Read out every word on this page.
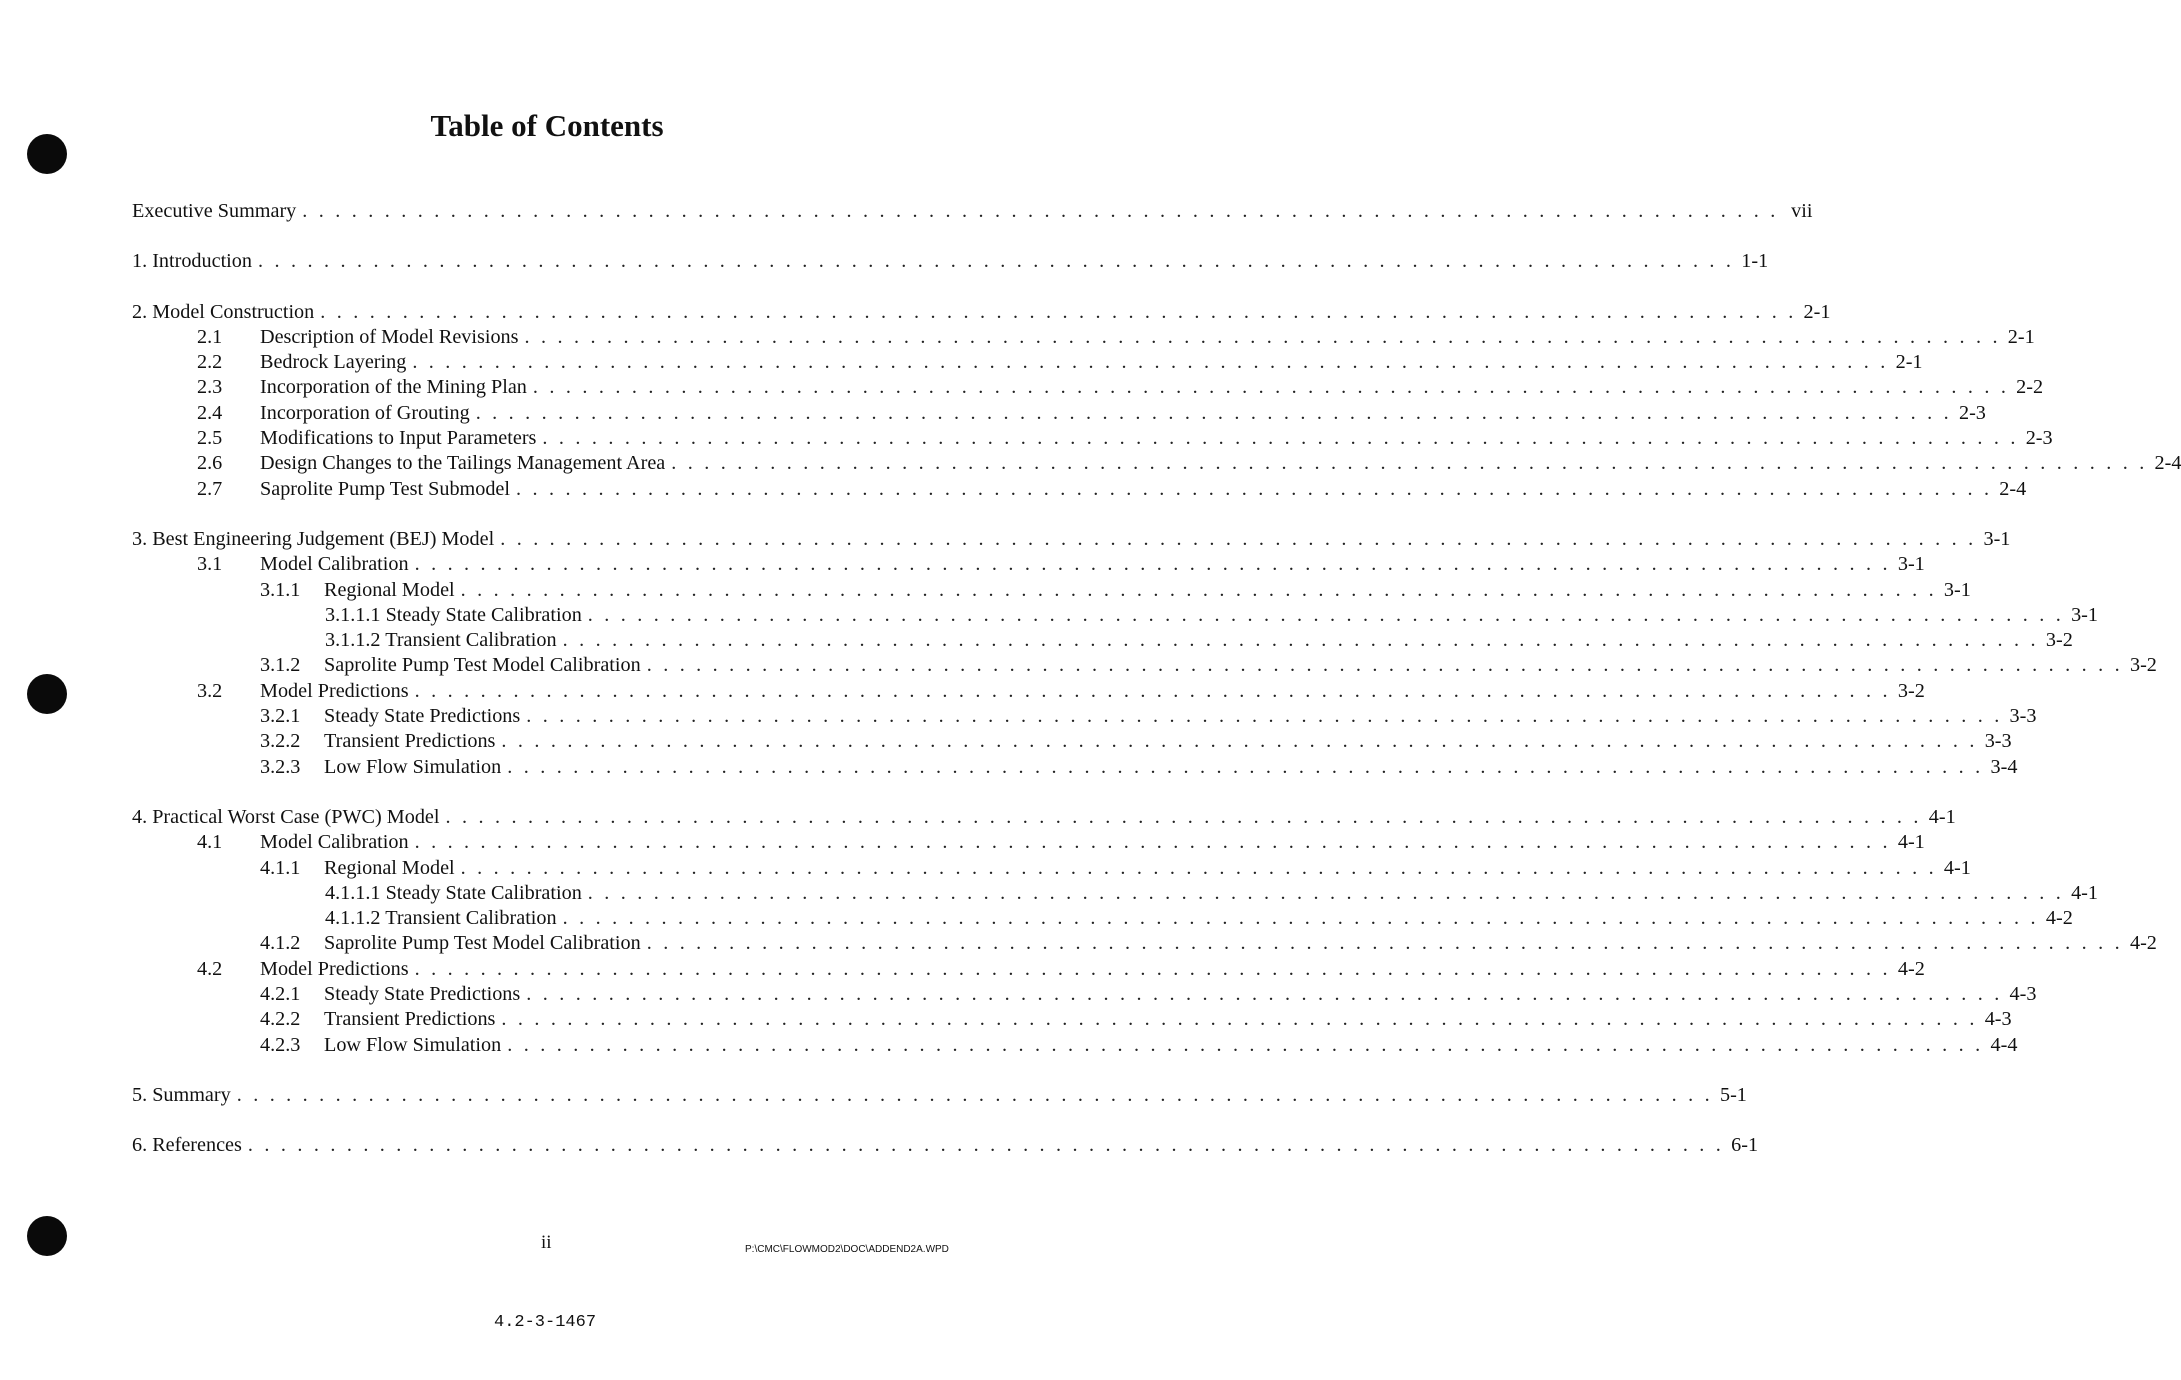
Table of Contents
Executive Summary . . . . . . . . . . . . . . . . . . . . . . . . . . . . . . . . . . . . . . . . . . . . . . . . . . . . . . . . . . . . . . . . . . . . . . . . . . . . . . . . . . . . . . . . . . vii
1. Introduction . . . . . . . . . . . . . . . . . . . . . . . . . . . . . . . . . . . . . . . . . . . . . . . . . . . . . . . . . . . . . . . . . . . . . . . . . . . . . . . . . . . . . . . . . . 1-1
2. Model Construction . . . . . . . . . . . . . . . . . . . . . . . . . . . . . . . . . . . . . . . . . . . . . . . . . . . . . . . . . . . . . . . . . . . . . . . . . . . . . . . . . . . . . . . . . . 2-1
2.1	Description of Model Revisions . . . . . . . . . . . . . . . . . . . . . . . . . . . . . . . . . . . . . . . . . . . . . . . . . . . . . . . . . . . . . . . . . . . . . . . . . . . . . . . . . . . . . . . . . . 2-1
2.2	Bedrock Layering . . . . . . . . . . . . . . . . . . . . . . . . . . . . . . . . . . . . . . . . . . . . . . . . . . . . . . . . . . . . . . . . . . . . . . . . . . . . . . . . . . . . . . . . . . 2-1
2.3	Incorporation of the Mining Plan . . . . . . . . . . . . . . . . . . . . . . . . . . . . . . . . . . . . . . . . . . . . . . . . . . . . . . . . . . . . . . . . . . . . . . . . . . . . . . . . . . . . . . . . . . 2-2
2.4	Incorporation of Grouting . . . . . . . . . . . . . . . . . . . . . . . . . . . . . . . . . . . . . . . . . . . . . . . . . . . . . . . . . . . . . . . . . . . . . . . . . . . . . . . . . . . . . . . . . . 2-3
2.5	Modifications to Input Parameters . . . . . . . . . . . . . . . . . . . . . . . . . . . . . . . . . . . . . . . . . . . . . . . . . . . . . . . . . . . . . . . . . . . . . . . . . . . . . . . . . . . . . . . . . . 2-3
2.6	Design Changes to the Tailings Management Area . . . . . . . . . . . . . . . . . . . . . . . . . . . . . . . . . . . . . . . . . . . . . . . . . . . . . . . . . . . . . . . . . . . . . . . . . . . . . . . . . . . . . . . . . . 2-4
2.7	Saprolite Pump Test Submodel . . . . . . . . . . . . . . . . . . . . . . . . . . . . . . . . . . . . . . . . . . . . . . . . . . . . . . . . . . . . . . . . . . . . . . . . . . . . . . . . . . . . . . . . . . 2-4
3. Best Engineering Judgement (BEJ) Model . . . . . . . . . . . . . . . . . . . . . . . . . . . . . . . . . . . . . . . . . . . . . . . . . . . . . . . . . . . . . . . . . . . . . . . . . . . . . . . . . . . . . . . . . . 3-1
3.1	Model Calibration . . . . . . . . . . . . . . . . . . . . . . . . . . . . . . . . . . . . . . . . . . . . . . . . . . . . . . . . . . . . . . . . . . . . . . . . . . . . . . . . . . . . . . . . . . 3-1
3.1.1	Regional Model . . . . . . . . . . . . . . . . . . . . . . . . . . . . . . . . . . . . . . . . . . . . . . . . . . . . . . . . . . . . . . . . . . . . . . . . . . . . . . . . . . . . . . . . . . 3-1
3.1.1.1 Steady State Calibration . . . . . . . . . . . . . . . . . . . . . . . . . . . . . . . . . . . . . . . . . . . . . . . . . . . . . . . . . . . . . . . . . . . . . . . . . . . . . . . . . . . . . . . . . . 3-1
3.1.1.2 Transient Calibration . . . . . . . . . . . . . . . . . . . . . . . . . . . . . . . . . . . . . . . . . . . . . . . . . . . . . . . . . . . . . . . . . . . . . . . . . . . . . . . . . . . . . . . . . . 3-2
3.1.2	Saprolite Pump Test Model Calibration . . . . . . . . . . . . . . . . . . . . . . . . . . . . . . . . . . . . . . . . . . . . . . . . . . . . . . . . . . . . . . . . . . . . . . . . . . . . . . . . . . . . . . . . . . 3-2
3.2	Model Predictions . . . . . . . . . . . . . . . . . . . . . . . . . . . . . . . . . . . . . . . . . . . . . . . . . . . . . . . . . . . . . . . . . . . . . . . . . . . . . . . . . . . . . . . . . . 3-2
3.2.1	Steady State Predictions . . . . . . . . . . . . . . . . . . . . . . . . . . . . . . . . . . . . . . . . . . . . . . . . . . . . . . . . . . . . . . . . . . . . . . . . . . . . . . . . . . . . . . . . . . 3-3
3.2.2	Transient Predictions . . . . . . . . . . . . . . . . . . . . . . . . . . . . . . . . . . . . . . . . . . . . . . . . . . . . . . . . . . . . . . . . . . . . . . . . . . . . . . . . . . . . . . . . . . 3-3
3.2.3	Low Flow Simulation . . . . . . . . . . . . . . . . . . . . . . . . . . . . . . . . . . . . . . . . . . . . . . . . . . . . . . . . . . . . . . . . . . . . . . . . . . . . . . . . . . . . . . . . . . 3-4
4. Practical Worst Case (PWC) Model . . . . . . . . . . . . . . . . . . . . . . . . . . . . . . . . . . . . . . . . . . . . . . . . . . . . . . . . . . . . . . . . . . . . . . . . . . . . . . . . . . . . . . . . . . 4-1
4.1	Model Calibration . . . . . . . . . . . . . . . . . . . . . . . . . . . . . . . . . . . . . . . . . . . . . . . . . . . . . . . . . . . . . . . . . . . . . . . . . . . . . . . . . . . . . . . . . . 4-1
4.1.1	Regional Model . . . . . . . . . . . . . . . . . . . . . . . . . . . . . . . . . . . . . . . . . . . . . . . . . . . . . . . . . . . . . . . . . . . . . . . . . . . . . . . . . . . . . . . . . . 4-1
4.1.1.1 Steady State Calibration . . . . . . . . . . . . . . . . . . . . . . . . . . . . . . . . . . . . . . . . . . . . . . . . . . . . . . . . . . . . . . . . . . . . . . . . . . . . . . . . . . . . . . . . . . 4-1
4.1.1.2 Transient Calibration . . . . . . . . . . . . . . . . . . . . . . . . . . . . . . . . . . . . . . . . . . . . . . . . . . . . . . . . . . . . . . . . . . . . . . . . . . . . . . . . . . . . . . . . . . 4-2
4.1.2	Saprolite Pump Test Model Calibration . . . . . . . . . . . . . . . . . . . . . . . . . . . . . . . . . . . . . . . . . . . . . . . . . . . . . . . . . . . . . . . . . . . . . . . . . . . . . . . . . . . . . . . . . . 4-2
4.2	Model Predictions . . . . . . . . . . . . . . . . . . . . . . . . . . . . . . . . . . . . . . . . . . . . . . . . . . . . . . . . . . . . . . . . . . . . . . . . . . . . . . . . . . . . . . . . . . 4-2
4.2.1	Steady State Predictions . . . . . . . . . . . . . . . . . . . . . . . . . . . . . . . . . . . . . . . . . . . . . . . . . . . . . . . . . . . . . . . . . . . . . . . . . . . . . . . . . . . . . . . . . . 4-3
4.2.2	Transient Predictions . . . . . . . . . . . . . . . . . . . . . . . . . . . . . . . . . . . . . . . . . . . . . . . . . . . . . . . . . . . . . . . . . . . . . . . . . . . . . . . . . . . . . . . . . . 4-3
4.2.3	Low Flow Simulation . . . . . . . . . . . . . . . . . . . . . . . . . . . . . . . . . . . . . . . . . . . . . . . . . . . . . . . . . . . . . . . . . . . . . . . . . . . . . . . . . . . . . . . . . . 4-4
5. Summary . . . . . . . . . . . . . . . . . . . . . . . . . . . . . . . . . . . . . . . . . . . . . . . . . . . . . . . . . . . . . . . . . . . . . . . . . . . . . . . . . . . . . . . . . . 5-1
6. References . . . . . . . . . . . . . . . . . . . . . . . . . . . . . . . . . . . . . . . . . . . . . . . . . . . . . . . . . . . . . . . . . . . . . . . . . . . . . . . . . . . . . . . . . . 6-1
ii	P:\CMC\FLOWMOD2\DOC\ADDEND2A.WPD
4.2-3-1467
